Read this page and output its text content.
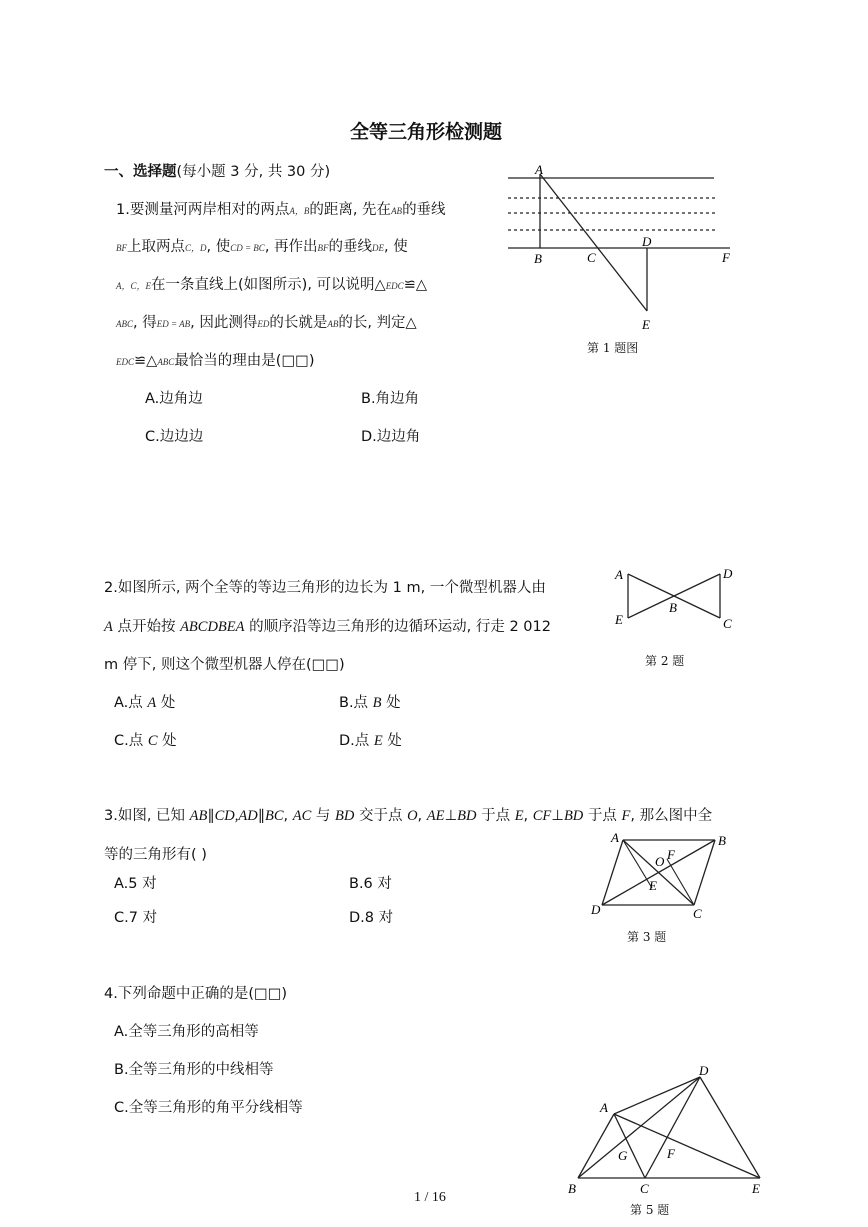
全等三角形检测题
一、选择题(每小题 3 分, 共 30 分)
1.要测量河两岸相对的两点A，B的距离, 先在AB的垂线
BF上取两点C，D, 使CD = BC, 再作出BF的垂线DE, 使
A，C，E在一条直线上(如图所示), 可以说明△EDC≌△
ABC, 得ED = AB, 因此测得ED的长就是AB的长, 判定△
EDC≌△ABC最恰当的理由是(□□)
A.边角边	B.角边角
C.边边边	D.边边角
A
B	C
D
F
E
第 1 题图
2.如图所示, 两个全等的等边三角形的边长为 1 m, 一个微型机器人由
A 点开始按 ABCDBEA 的顺序沿等边三角形的边循环运动, 行走 2 012
m 停下, 则这个微型机器人停在(□□)
A.点 A 处	B.点 B 处
C.点 C 处	D.点 E 处
A
E
B
D
C
第 2 题
3.如图, 已知 AB∥CD,AD∥BC, AC 与 BD 交于点 O, AE⊥BD 于点 E, CF⊥BD 于点 F, 那么图中全
等的三角形有( )
A.5 对	B.6 对
C.7 对	D.8 对
A	B
C
D
O F
E
第 3 题
4.下列命题中正确的是(□□)
A.全等三角形的高相等
B.全等三角形的中线相等
C.全等三角形的角平分线相等
D
A
G	F
B	C	E
第 5 题
1 / 16
